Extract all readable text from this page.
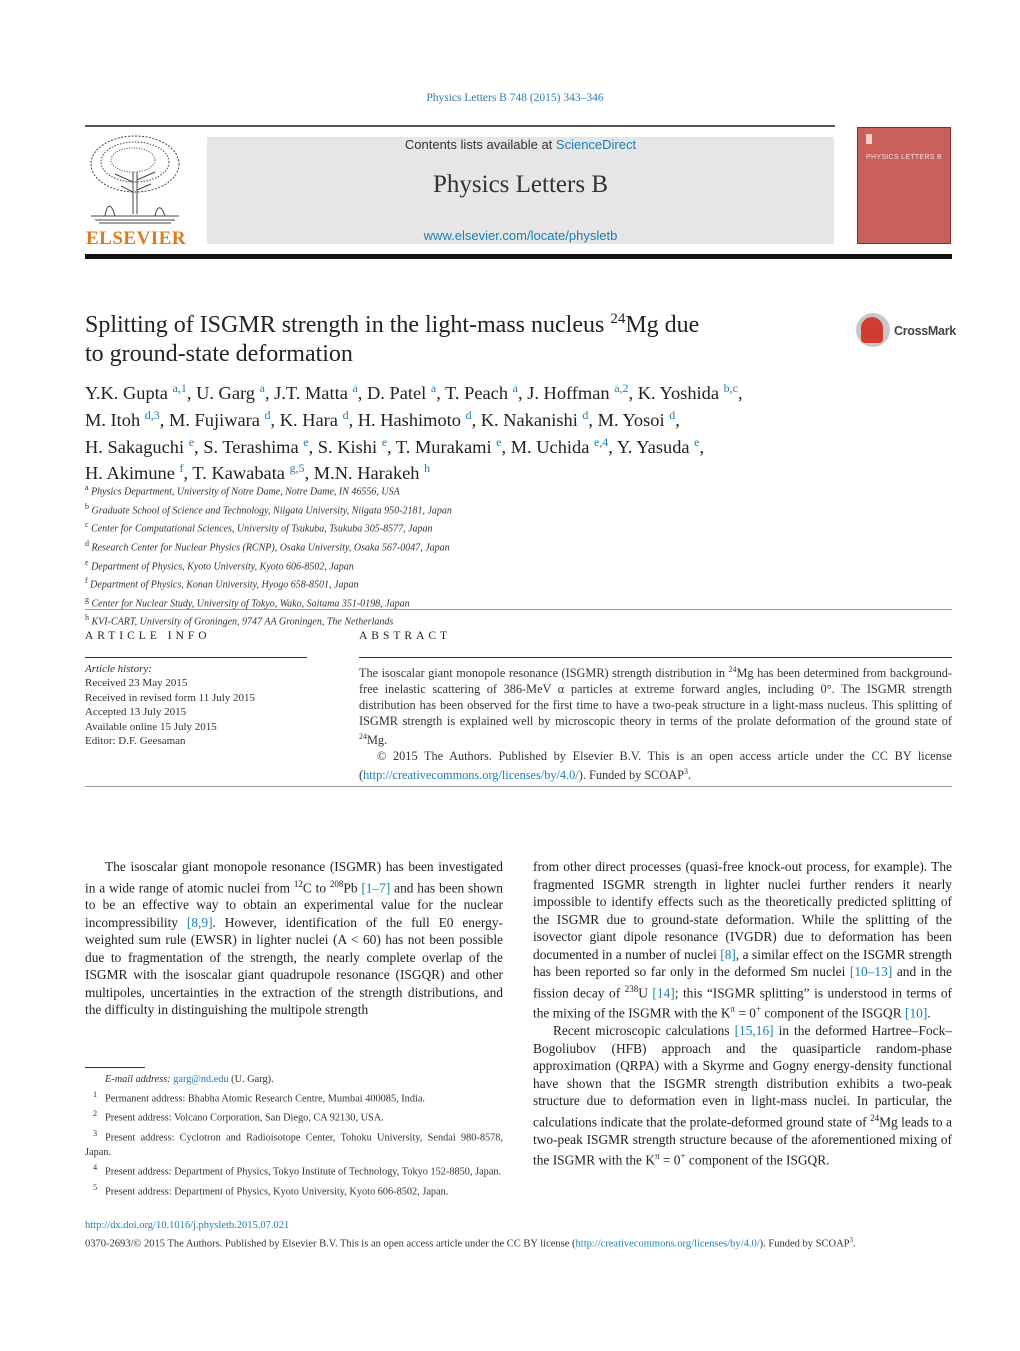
Physics Letters B 748 (2015) 343–346
ELSEVIER
Contents lists available at ScienceDirect
Physics Letters B
www.elsevier.com/locate/physletb
PHYSICS LETTERS B
Splitting of ISGMR strength in the light-mass nucleus $^{24}$Mg due
to ground-state deformation
CrossMark
Y.K. Gupta $^{a,1}$, U. Garg $^a$, J.T. Matta $^a$, D. Patel $^a$, T. Peach $^a$, J. Hoffman $^{a,2}$, K. Yoshida $^{b,c}$,
M. Itoh $^{d,3}$, M. Fujiwara $^d$, K. Hara $^d$, H. Hashimoto $^d$, K. Nakanishi $^d$, M. Yosoi $^d$,
H. Sakaguchi $^e$, S. Terashima $^e$, S. Kishi $^e$, T. Murakami $^e$, M. Uchida $^{e,4}$, Y. Yasuda $^e$,
H. Akimune $^f$, T. Kawabata $^{g,5}$, M.N. Harakeh $^h$
$^a$ Physics Department, University of Notre Dame, Notre Dame, IN 46556, USA
$^b$ Graduate School of Science and Technology, Niigata University, Niigata 950-2181, Japan
$^c$ Center for Computational Sciences, University of Tsukuba, Tsukuba 305-8577, Japan
$^d$ Research Center for Nuclear Physics (RCNP), Osaka University, Osaka 567-0047, Japan
$^e$ Department of Physics, Kyoto University, Kyoto 606-8502, Japan
$^f$ Department of Physics, Konan University, Hyogo 658-8501, Japan
$^g$ Center for Nuclear Study, University of Tokyo, Wako, Saitama 351-0198, Japan
$^h$ KVI-CART, University of Groningen, 9747 AA Groningen, The Netherlands
ARTICLE INFO
Article history:
Received 23 May 2015
Received in revised form 11 July 2015
Accepted 13 July 2015
Available online 15 July 2015
Editor: D.F. Geesaman
ABSTRACT

The isoscalar giant monopole resonance (ISGMR) strength distribution in $^{24}$Mg has been determined from background-free inelastic scattering of 386-MeV α particles at extreme forward angles, including 0°. The ISGMR strength distribution has been observed for the first time to have a two-peak structure in a light-mass nucleus. This splitting of ISGMR strength is explained well by microscopic theory in terms of the prolate deformation of the ground state of $^{24}$Mg.

© 2015 The Authors. Published by Elsevier B.V. This is an open access article under the CC BY license (http://creativecommons.org/licenses/by/4.0/). Funded by SCOAP$^3$.

The isoscalar giant monopole resonance (ISGMR) has been investigated in a wide range of atomic nuclei from $^{12}$C to $^{208}$Pb [1–7] and has been shown to be an effective way to obtain an experimental value for the nuclear incompressibility [8,9]. However, identification of the full E0 energy-weighted sum rule (EWSR) in lighter nuclei (A < 60) has not been possible due to fragmentation of the strength, the nearly complete overlap of the ISGMR with the isoscalar giant quadrupole resonance (ISGQR) and other multipoles, uncertainties in the extraction of the strength distributions, and the difficulty in distinguishing the multipole strength

from other direct processes (quasi-free knock-out process, for example). The fragmented ISGMR strength in lighter nuclei further renders it nearly impossible to identify effects such as the theoretically predicted splitting of the ISGMR due to ground-state deformation. While the splitting of the isovector giant dipole resonance (IVGDR) due to deformation has been documented in a number of nuclei [8], a similar effect on the ISGMR strength has been reported so far only in the deformed Sm nuclei [10–13] and in the fission decay of $^{238}$U [14]; this “ISGMR splitting” is understood in terms of the mixing of the ISGMR with the $K^\pi = 0^+$ component of the ISGQR [10].

Recent microscopic calculations [15,16] in the deformed Hartree–Fock–Bogoliubov (HFB) approach and the quasiparticle random-phase approximation (QRPA) with a Skyrme and Gogny energy-density functional have shown that the ISGMR strength distribution exhibits a two-peak structure due to deformation even in light-mass nuclei. In particular, the calculations indicate that the prolate-deformed ground state of $^{24}$Mg leads to a two-peak ISGMR strength structure because of the aforementioned mixing of the ISGMR with the $K^\pi = 0^+$ component of the ISGQR.

E-mail address: garg@nd.edu (U. Garg).

$^1$ Permanent address: Bhabha Atomic Research Centre, Mumbai 400085, India.

$^2$ Present address: Volcano Corporation, San Diego, CA 92130, USA.

$^3$ Present address: Cyclotron and Radioisotope Center, Tohoku University, Sendai 980-8578, Japan.

$^4$ Present address: Department of Physics, Tokyo Institute of Technology, Tokyo 152-8850, Japan.

$^5$ Present address: Department of Physics, Kyoto University, Kyoto 606-8502, Japan.

http://dx.doi.org/10.1016/j.physletb.2015.07.021

0370-2693/© 2015 The Authors. Published by Elsevier B.V. This is an open access article under the CC BY license (http://creativecommons.org/licenses/by/4.0/). Funded by SCOAP$^3$.
